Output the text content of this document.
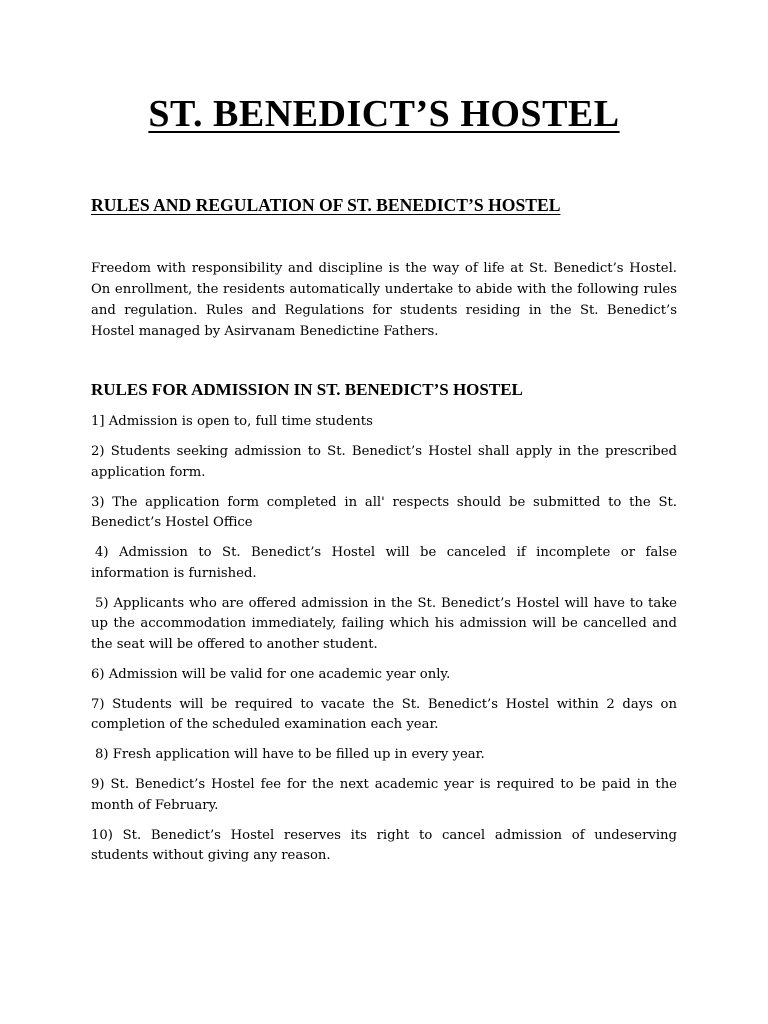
ST. BENEDICT’S HOSTEL
RULES AND REGULATION OF ST. BENEDICT’S HOSTEL

Freedom with responsibility and discipline is the way of life at St. Benedict’s Hostel. On enrollment, the residents automatically undertake to abide with the following rules and regulation. Rules and Regulations for students residing in the St. Benedict’s Hostel managed by Asirvanam Benedictine Fathers.

RULES FOR ADMISSION IN ST. BENEDICT’S HOSTEL
1] Admission is open to, full time students
2) Students seeking admission to St. Benedict’s Hostel shall apply in the prescribed application form.
3) The application form completed in all' respects should be submitted to the St. Benedict’s Hostel Office
4) Admission to St. Benedict’s Hostel will be canceled if incomplete or false information is furnished.
5) Applicants who are offered admission in the St. Benedict’s Hostel will have to take up the accommodation immediately, failing which his admission will be cancelled and the seat will be offered to another student.
6) Admission will be valid for one academic year only.
7) Students will be required to vacate the St. Benedict’s Hostel within 2 days on completion of the scheduled examination each year.
8) Fresh application will have to be filled up in every year.
9) St. Benedict’s Hostel fee for the next academic year is required to be paid in the month of February.
10) St. Benedict’s Hostel reserves its right to cancel admission of undeserving students without giving any reason.
